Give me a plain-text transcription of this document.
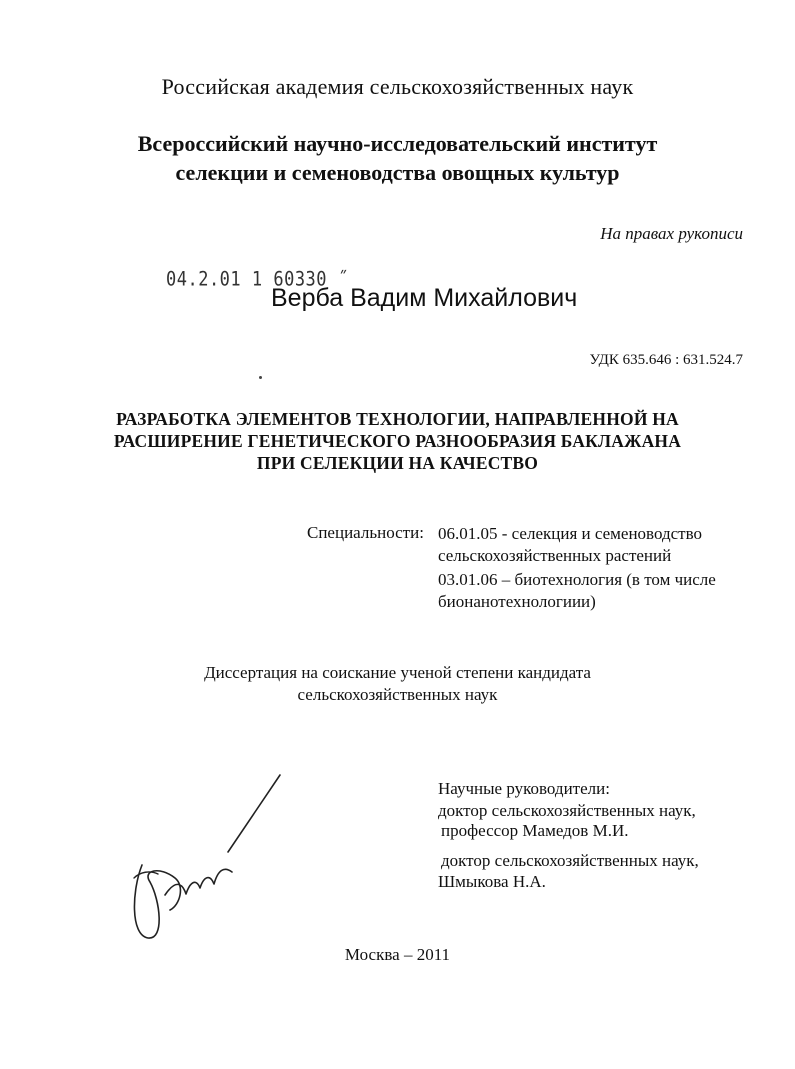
Российская академия сельскохозяйственных наук
Всероссийский научно-исследовательский институт
селекции и семеноводства овощных культур
На правах рукописи
04.2.01 1 60330 ˝
Верба Вадим Михайлович
УДК 635.646 : 631.524.7
РАЗРАБОТКА ЭЛЕМЕНТОВ ТЕХНОЛОГИИ, НАПРАВЛЕННОЙ НА
РАСШИРЕНИЕ ГЕНЕТИЧЕСКОГО РАЗНООБРАЗИЯ БАКЛАЖАНА
ПРИ СЕЛЕКЦИИ НА КАЧЕСТВО
Специальности: 06.01.05 - селекция и семеноводство
сельскохозяйственных растений
03.01.06 – биотехнология (в том числе
бионанотехнологиии)
Диссертация на соискание ученой степени кандидата
сельскохозяйственных наук
Научные руководители:
доктор сельскохозяйственных наук,
профессор Мамедов М.И.
доктор сельскохозяйственных наук,
Шмыкова Н.А.
Москва – 2011
